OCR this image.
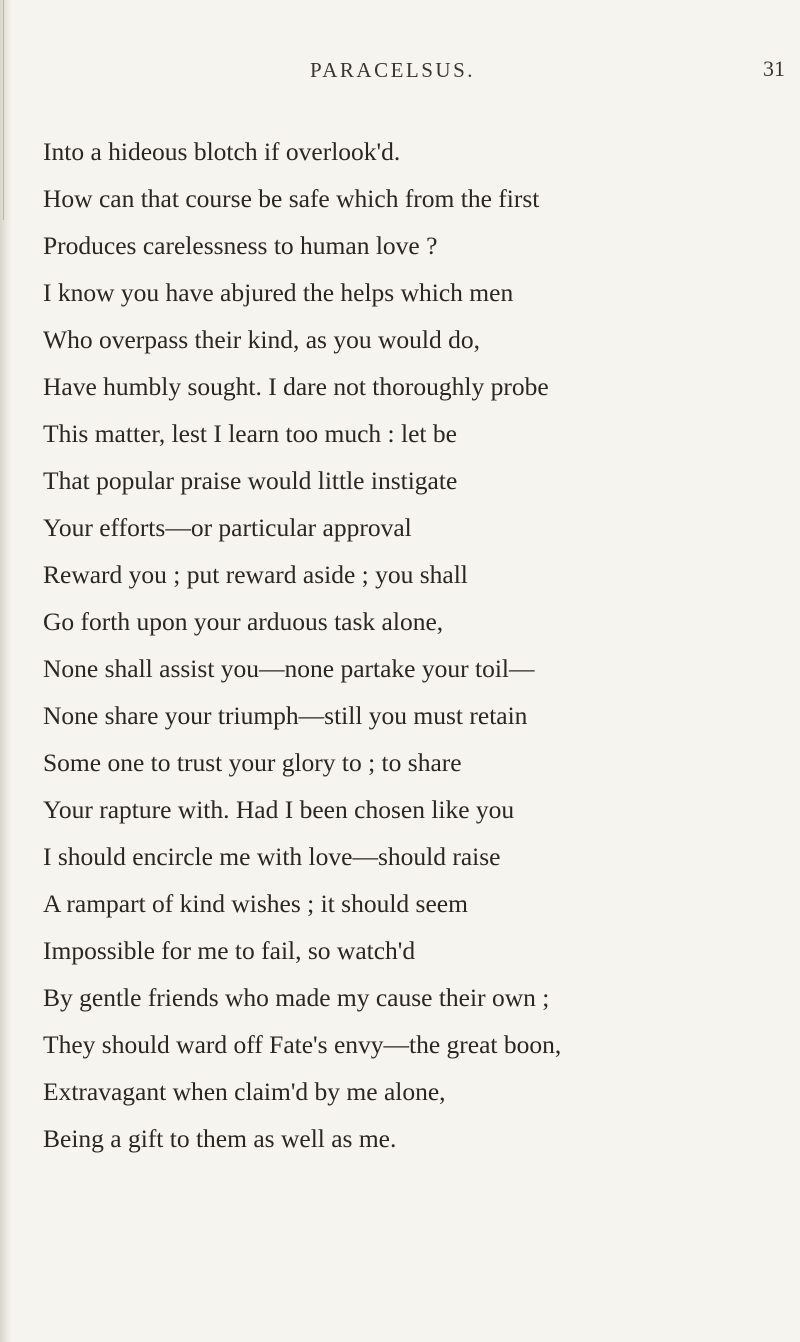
PARACELSUS.	31
Into a hideous blotch if overlook'd.
How can that course be safe which from the first
Produces carelessness to human love ?
I know you have abjured the helps which men
Who overpass their kind, as you would do,
Have humbly sought. I dare not thoroughly probe
This matter, lest I learn too much : let be
That popular praise would little instigate
Your efforts—or particular approval
Reward you ; put reward aside ; you shall
Go forth upon your arduous task alone,
None shall assist you—none partake your toil—
None share your triumph—still you must retain
Some one to trust your glory to ; to share
Your rapture with. Had I been chosen like you
I should encircle me with love—should raise
A rampart of kind wishes ; it should seem
Impossible for me to fail, so watch'd
By gentle friends who made my cause their own ;
They should ward off Fate's envy—the great boon,
Extravagant when claim'd by me alone,
Being a gift to them as well as me.
